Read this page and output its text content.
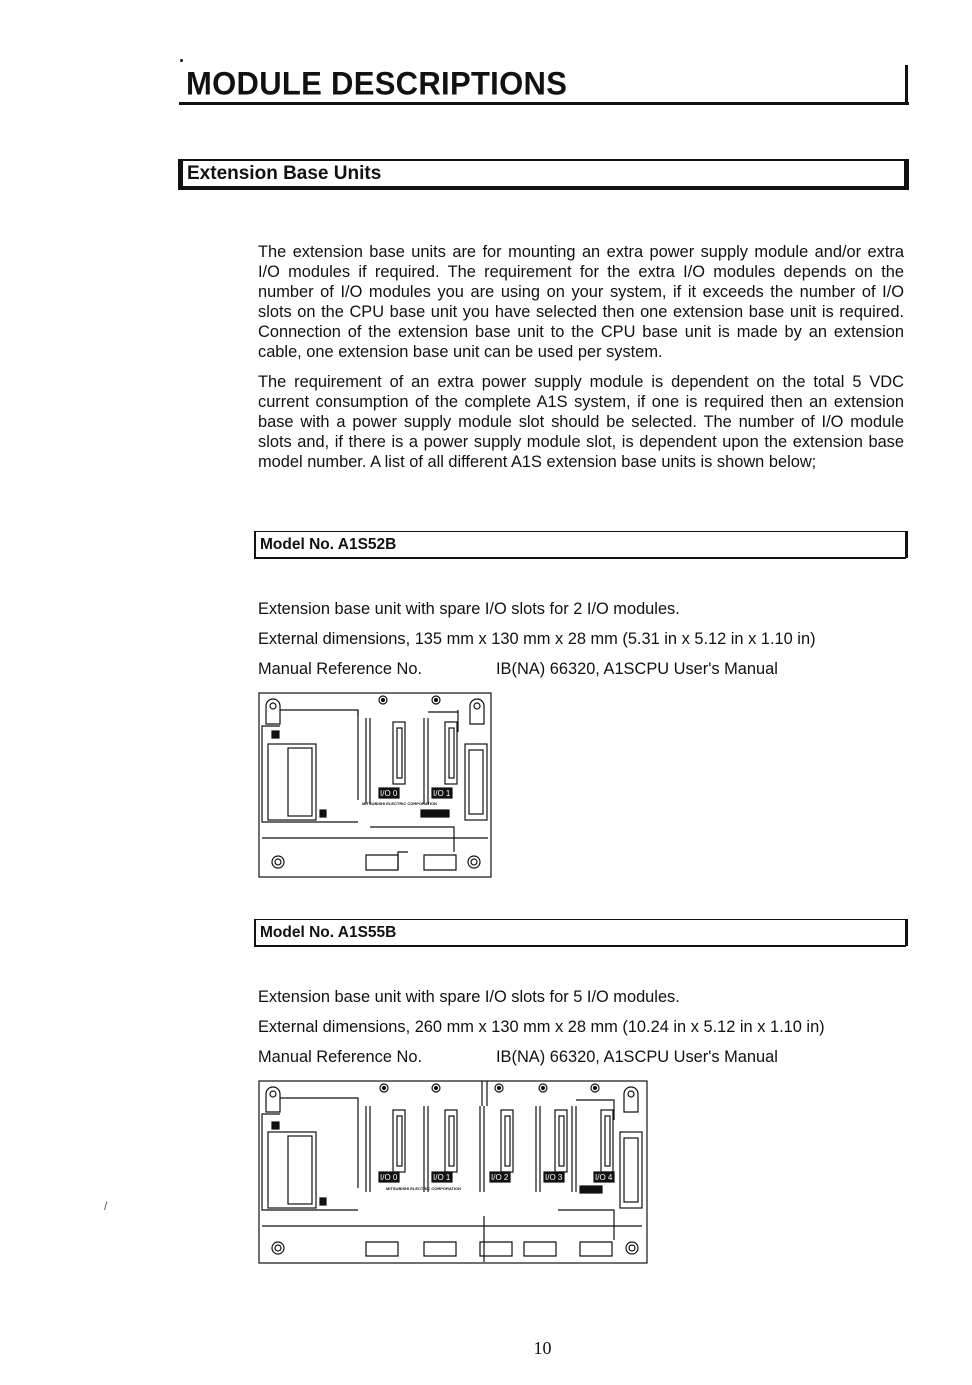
MODULE DESCRIPTIONS
Extension Base Units
The extension base units are for mounting an extra power supply module and/or extra I/O modules if required. The requirement for the extra I/O modules depends on the number of I/O modules you are using on your system, if it exceeds the number of I/O slots on the CPU base unit you have selected then one extension base unit is required. Connection of the extension base unit to the CPU base unit is made by an extension cable, one extension base unit can be used per system.
The requirement of an extra power supply module is dependent on the total 5 VDC current consumption of the complete A1S system, if one is required then an extension base with a power supply module slot should be selected. The number of I/O module slots and, if there is a power supply module slot, is dependent upon the extension base model number. A list of all different A1S extension base units is shown below;
Model No. A1S52B
Extension base unit with spare I/O slots for 2 I/O modules.
External dimensions, 135 mm x 130 mm x 28 mm (5.31 in x 5.12 in x 1.10 in)
Manual Reference No.	IB(NA) 66320, A1SCPU User's Manual
I/O 0	I/O 1
MITSUBISHI ELECTRIC CORPORATION
Model No. A1S55B
Extension base unit with spare I/O slots for 5 I/O modules.
External dimensions, 260 mm x 130 mm x 28 mm (10.24 in x 5.12 in x 1.10 in)
Manual Reference No.	IB(NA) 66320, A1SCPU User's Manual
I/O 0	I/O 1	I/O 2	I/O 3	I/O 4
MITSUBISHI ELECTRIC CORPORATION
/
10
